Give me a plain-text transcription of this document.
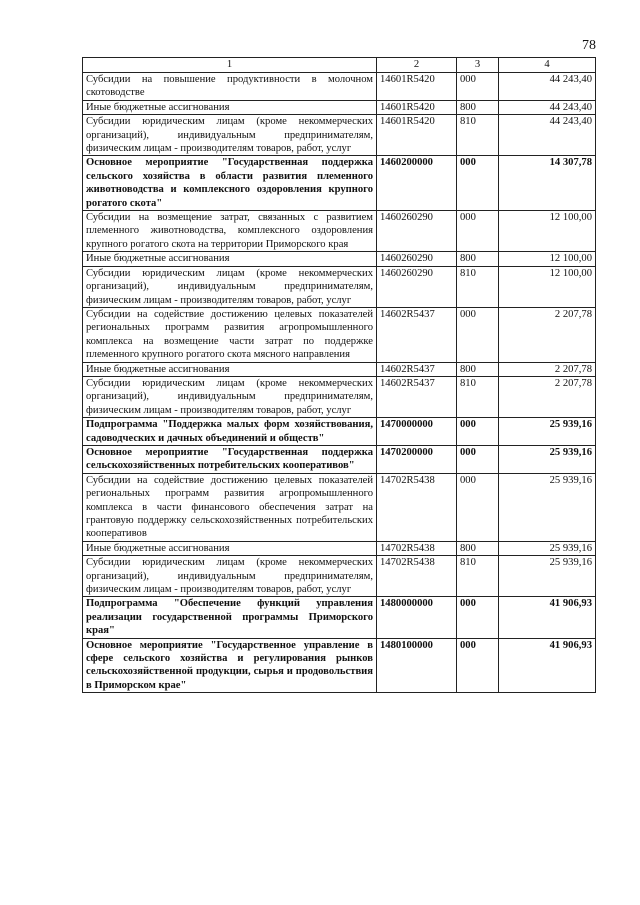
78
1	2	3	4
Субсидии на повышение продуктивности в молочном скотоводстве	14601R5420	000	44 243,40
Иные бюджетные ассигнования	14601R5420	800	44 243,40
Субсидии юридическим лицам (кроме некоммерческих организаций), индивидуальным предпринимателям, физическим лицам - производителям товаров, работ, услуг	14601R5420	810	44 243,40
Основное мероприятие "Государственная поддержка сельского хозяйства в области развития племенного животноводства и комплексного оздоровления крупного рогатого скота"	1460200000	000	14 307,78
Субсидии на возмещение затрат, связанных с развитием племенного животноводства, комплексного оздоровления крупного рогатого скота на территории Приморского края	1460260290	000	12 100,00
Иные бюджетные ассигнования	1460260290	800	12 100,00
Субсидии юридическим лицам (кроме некоммерческих организаций), индивидуальным предпринимателям, физическим лицам - производителям товаров, работ, услуг	1460260290	810	12 100,00
Субсидии на содействие достижению целевых показателей региональных программ развития агропромышленного комплекса на возмещение части затрат по поддержке племенного крупного рогатого скота мясного направления	14602R5437	000	2 207,78
Иные бюджетные ассигнования	14602R5437	800	2 207,78
Субсидии юридическим лицам (кроме некоммерческих организаций), индивидуальным предпринимателям, физическим лицам - производителям товаров, работ, услуг	14602R5437	810	2 207,78
Подпрограмма "Поддержка малых форм хозяйствования, садоводческих и дачных объединений и обществ"	1470000000	000	25 939,16
Основное мероприятие "Государственная поддержка сельскохозяйственных потребительских кооперативов"	1470200000	000	25 939,16
Субсидии на содействие достижению целевых показателей региональных программ развития агропромышленного комплекса в части финансового обеспечения затрат на грантовую поддержку сельскохозяйственных потребительских кооперативов	14702R5438	000	25 939,16
Иные бюджетные ассигнования	14702R5438	800	25 939,16
Субсидии юридическим лицам (кроме некоммерческих организаций), индивидуальным предпринимателям, физическим лицам - производителям товаров, работ, услуг	14702R5438	810	25 939,16
Подпрограмма "Обеспечение функций управления реализации государственной программы Приморского края"	1480000000	000	41 906,93
Основное мероприятие "Государственное управление в сфере сельского хозяйства и регулирования рынков сельскохозяйственной продукции, сырья и продовольствия в Приморском крае"	1480100000	000	41 906,93
